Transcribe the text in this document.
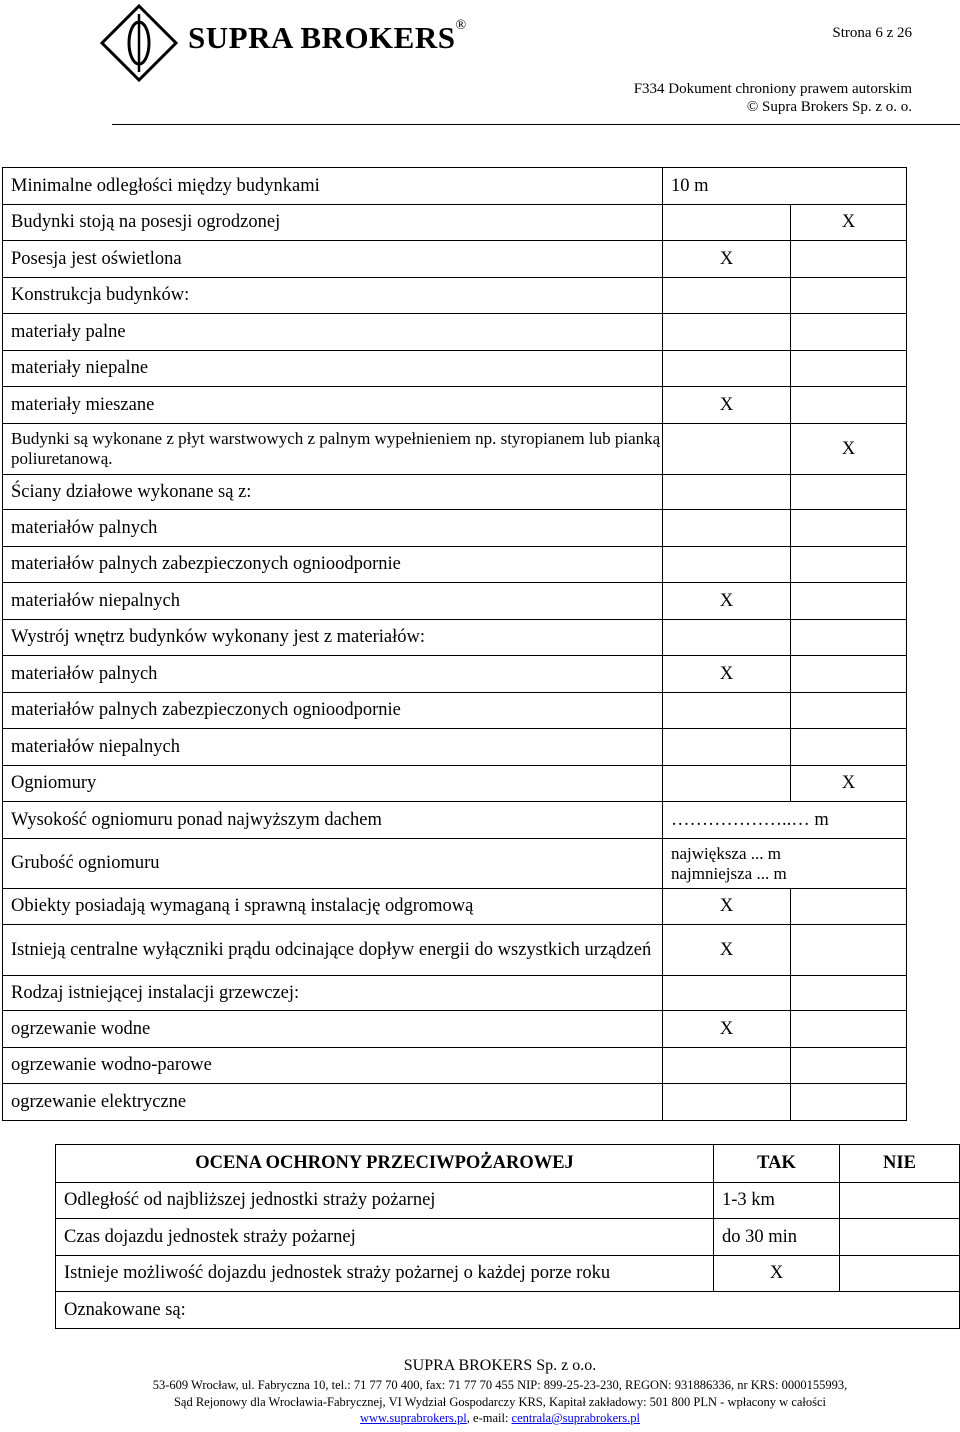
SUPRA BROKERS®	Strona 6 z 26
F334 Dokument chroniony prawem autorskim
© Supra Brokers Sp. z o. o.
Minimalne odległości między budynkami	10 m	
Budynki stoją na posesji ogrodzonej		X
Posesja jest oświetlona	X	
Konstrukcja budynków:		
materiały palne		
materiały niepalne		
materiały mieszane	X	
Budynki są wykonane z płyt warstwowych z palnym wypełnieniem np. styropianem lub pianką poliuretanową.		X
Ściany działowe wykonane są z:		
materiałów palnych		
materiałów palnych zabezpieczonych ognioodpornie		
materiałów niepalnych	X	
Wystrój wnętrz budynków wykonany jest z materiałów:		
materiałów palnych	X	
materiałów palnych zabezpieczonych ognioodpornie		
materiałów niepalnych		
Ogniomury		X
Wysokość ogniomuru ponad najwyższym dachem	………………..… m	
Grubość ogniomuru	największa ... m
najmniejsza ... m	

Obiekty posiadają wymaganą i sprawną instalację odgromową	X	
Istnieją centralne wyłączniki prądu odcinające dopływ energii do wszystkich urządzeń	X	
Rodzaj istniejącej instalacji grzewczej:		
ogrzewanie wodne	X	
ogrzewanie wodno-parowe		
ogrzewanie elektryczne		
OCENA OCHRONY PRZECIWPOŻAROWEJ	TAK	NIE
Odległość od najbliższej jednostki straży pożarnej	1-3 km	
Czas dojazdu jednostek straży pożarnej	do 30 min	
Istnieje możliwość dojazdu jednostek straży pożarnej o każdej porze roku	X	
Oznakowane są:		
SUPRA BROKERS Sp. z o.o.
53-609 Wrocław, ul. Fabryczna 10, tel.: 71 77 70 400, fax: 71 77 70 455 NIP: 899-25-23-230, REGON: 931886336, nr KRS: 0000155993,
Sąd Rejonowy dla Wrocławia-Fabrycznej, VI Wydział Gospodarczy KRS, Kapitał zakładowy: 501 800 PLN - wpłacony w całości
www.suprabrokers.pl, e-mail: centrala@suprabrokers.pl
